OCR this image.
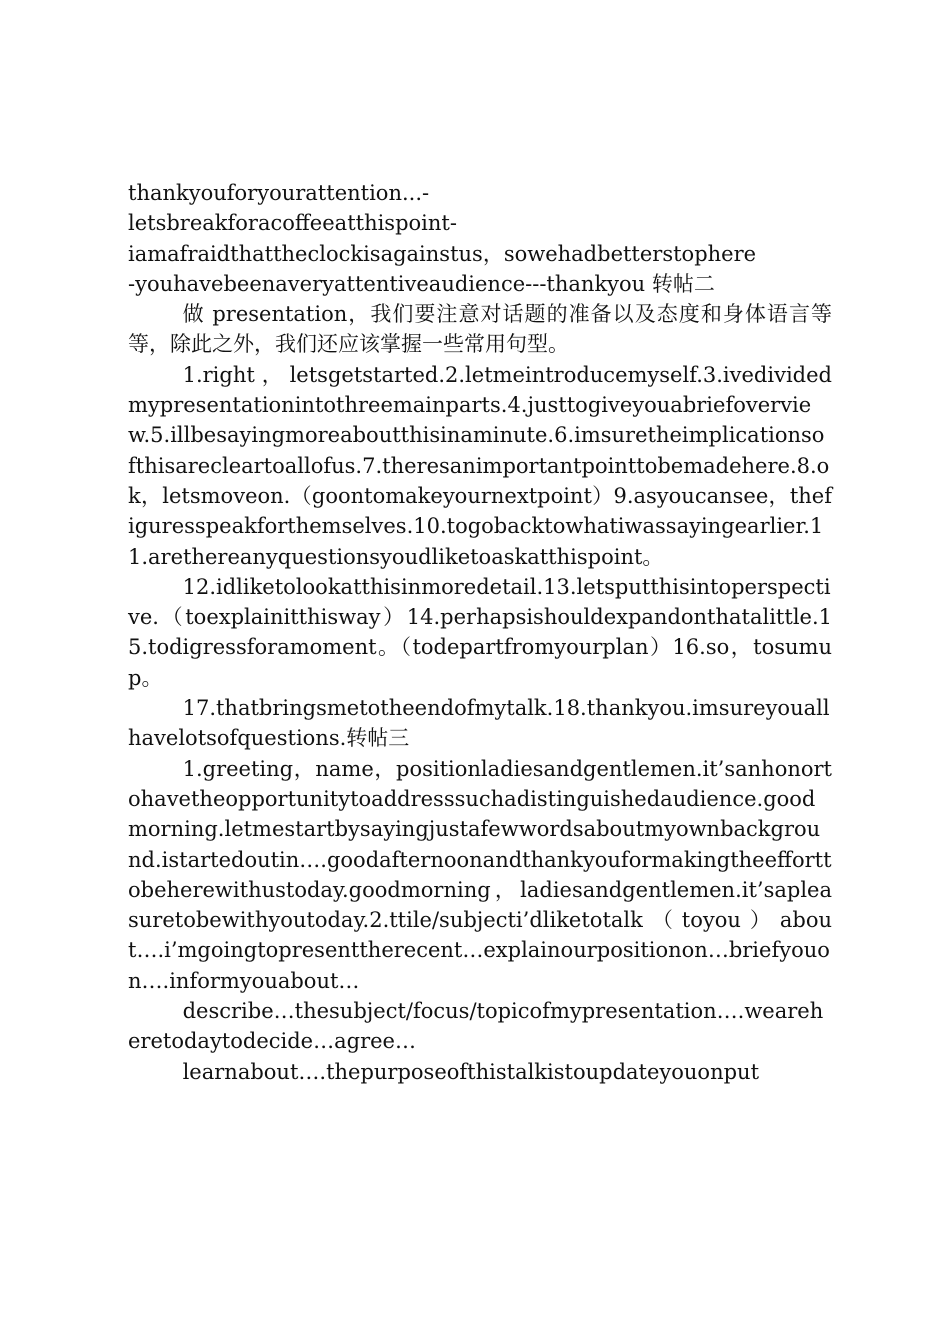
thankyouforyourattention...-
letsbreakforacoffeeatthispoint-
iamafraidthattheclockisagainstus，sowehadbetterstophere
-youhavebeenaveryattentiveaudience---thankyou 转帖二

做 presentation，我们要注意对话题的准备以及态度和身体语言等等，除此之外，我们还应该掌握一些常用句型。

1.right，letsgetstarted.2.letmeintroducemyself.3.ivedividedmypresentationintothreemainparts.4.justtogiveyouabriefoverview.5.illbesayingmoreaboutthisinaminute.6.imsuretheimplicationsofthisarecleartoallofus.7.theresanimportantpointtobemadehere.8.ok，letsmoveon.（goontomakeyournextpoint）9.asyoucansee，thefiguresspeakforthemselves.10.togobacktowhatiwassayingearlier.11.arethereanyquestionsyoudliketoaskatthispoint。

12.idliketolookatthisinmoredetail.13.letsputthisintoperspective.（toexplainitthisway）14.perhapsishouldexpandonthatalittle.15.todigressforamoment。（todepartfromyourplan）16.so，tosumup。

17.thatbringsmetotheendofmytalk.18.thankyou.imsureyouallhavelotsofquestions.转帖三

1.greeting，name，positionladiesandgentlemen.it’sanhonortohavetheopportunitytoaddresssuchadistinguishedaudience.goodmorning.letmestartbysayingjustafewwordsaboutmyownbackground.istartedoutin….goodafternoonandthankyouformakingtheefforttobeherewithustoday.goodmorning，ladiesandgentlemen.it’sapleasuretobewithyoutoday.2.ttile/subjecti’dliketotalk（toyou）about….i’mgoingtopresenttherecent…explainourpositionon…briefyouon….informyouabout…

describe…thesubject/focus/topicofmypresentation….weareheretodaytodecide…agree…

learnabout….thepurposeofthistalkistoupdateyouonput
